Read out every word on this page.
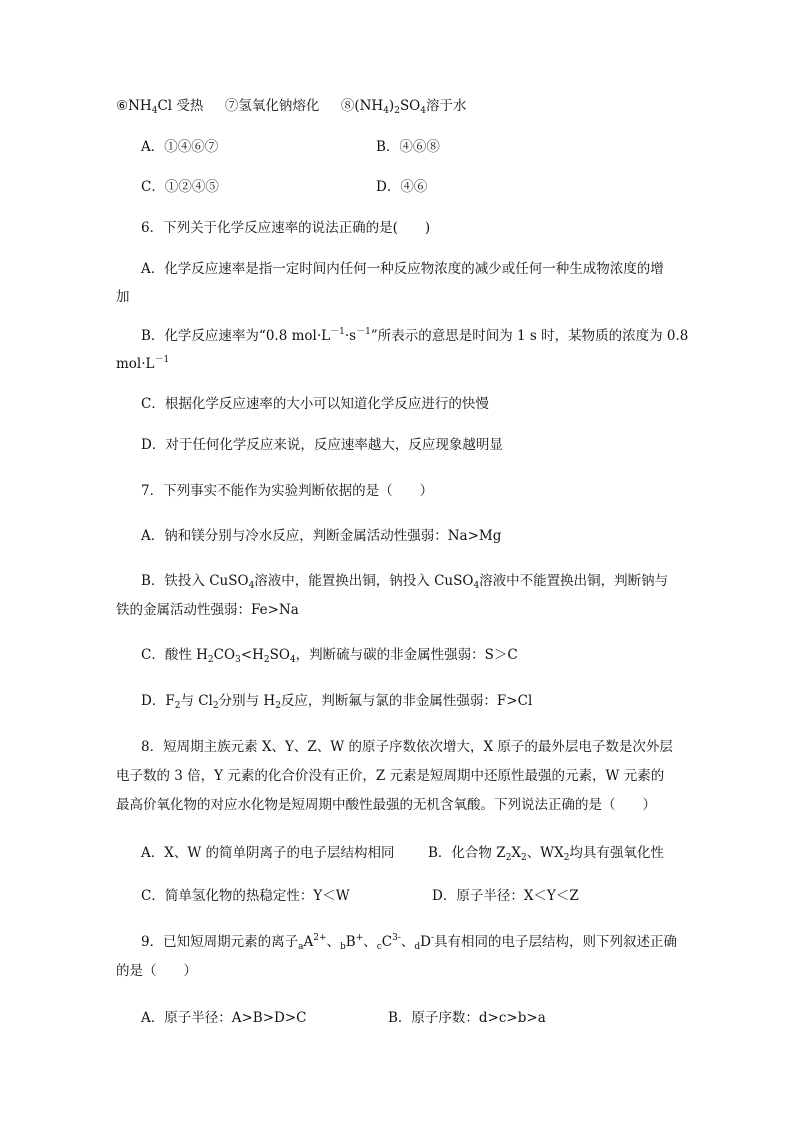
$⑥NH_4Cl$ 受热 ⑦氢氧化钠熔化 $⑧(NH_4)_2SO_4$溶于水
A．①④⑥⑦	B．④⑥⑧
C．①②④⑤	D．④⑥
6．下列关于化学反应速率的说法正确的是(　　)
A．化学反应速率是指一定时间内任何一种反应物浓度的减少或任何一种生成物浓度的增
加
B．化学反应速率为“0.8 $mol\cdot L^{-1}\cdot s^{-1}$”所表示的意思是时间为 1 s 时，某物质的浓度为 0.8
$mol\cdot L^{-1}$
C．根据化学反应速率的大小可以知道化学反应进行的快慢
D．对于任何化学反应来说，反应速率越大，反应现象越明显
7．下列事实不能作为实验判断依据的是（　　）
A．钠和镁分别与冷水反应，判断金属活动性强弱：Na>Mg
B．铁投入 CuSO$_4$溶液中，能置换出铜，钠投入 CuSO$_4$溶液中不能置换出铜，判断钠与
铁的金属活动性强弱：Fe>Na
C．酸性 $H_2CO_3<H_2SO_4$，判断硫与碳的非金属性强弱：S＞C
D．$F_2$与 $Cl_2$分别与 $H_2$反应，判断氟与氯的非金属性强弱：F>Cl
8．短周期主族元素 X、Y、Z、W 的原子序数依次增大，X 原子的最外层电子数是次外层
电子数的 3 倍，Y 元素的化合价没有正价，Z 元素是短周期中还原性最强的元素，W 元素的
最高价氧化物的对应水化物是短周期中酸性最强的无机含氧酸。下列说法正确的是（　　）
A．X、W 的简单阴离子的电子层结构相同 B．化合物 $Z_2X_2$、$WX_2$均具有强氧化性
C．简单氢化物的热稳定性：Y＜W	D．原子半径：X＜Y＜Z
9．已知短周期元素的离子$_aA^{2+}$、$_b$B+、$_cC^{3-}$、$_d$D-具有相同的电子层结构，则下列叙述正确
的是（　　）
A．原子半径：A>B>D>C	B．原子序数：d>c>b>a
